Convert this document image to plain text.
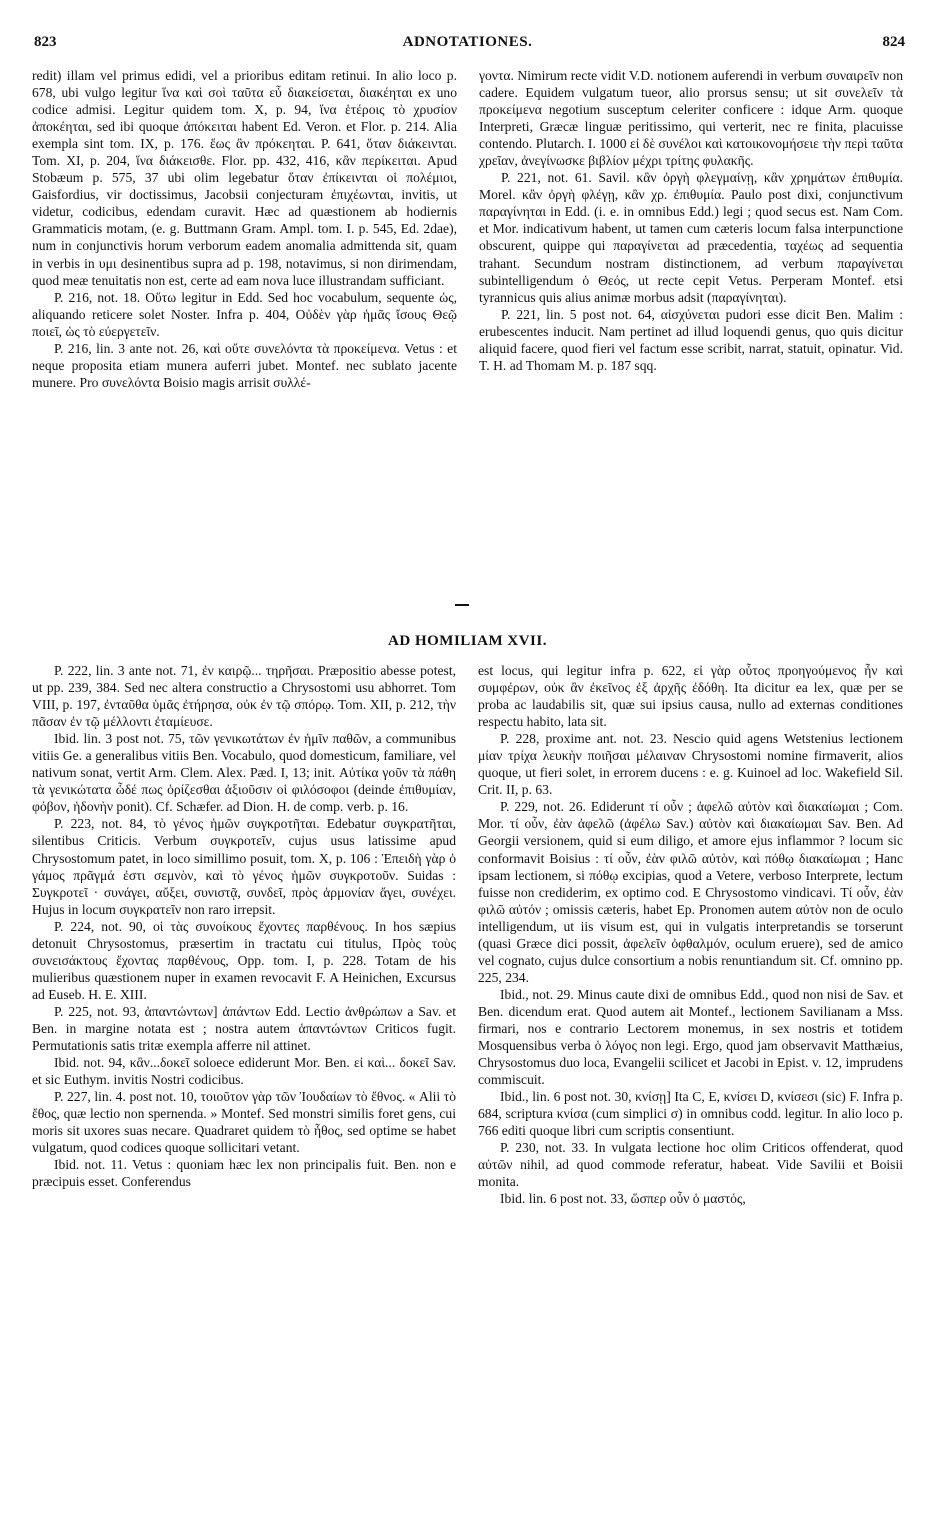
823	ADNOTATIONES.	824

redit) illam vel primus edidi, vel a prioribus editam retinui. In alio loco p. 678, ubi vulgo legitur ἵνα καὶ σοὶ ταῦτα εὖ διακείσεται, διακέηται ex uno codice admisi. Legitur quidem tom. X, p. 94, ἵνα ἑτέροις τὸ χρυσίον ἀποκέηται, sed ibi quoque ἀπόκειται habent Ed. Veron. et Flor. p. 214. Alia exempla sint tom. IX, p. 176. ἕως ἂν πρόκεηται. P. 641, ὅταν διάκεινται. Tom. XI, p. 204, ἵνα διάκεισθε. Flor. pp. 432, 416, κἂν περίκειται. Apud Stobæum p. 575, 37 ubi olim legebatur ὅταν ἐπίκεινται οἱ πολέμιοι, Gaisfordius, vir doctissimus, Jacobsii conjecturam ἐπιχέωνται, invitis, ut videtur, codicibus, edendam curavit. Hæc ad quæstionem ab hodiernis Grammaticis motam, (e. g. Buttmann Gram. Ampl. tom. I. p. 545, Ed. 2dae), num in conjunctivis horum verborum eadem anomalia admittenda sit, quam in verbis in υμι desinentibus supra ad p. 198, notavimus, si non dirimendam, quod meæ tenuitatis non est, certe ad eam nova luce illustrandam sufficiant.

P. 216, not. 18. Οὕτω legitur in Edd. Sed hoc vocabulum, sequente ὡς, aliquando reticere solet Noster. Infra p. 404, Οὐδὲν γὰρ ἡμᾶς ἴσους Θεῷ ποιεῖ, ὡς τὸ εὐεργετεῖν.

P. 216, lin. 3 ante not. 26, καὶ οὔτε συνελόντα τὰ προκείμενα. Vetus : et neque proposita etiam munera auferri jubet. Montef. nec sublato jacente munere. Pro συνελόντα Boisio magis arrisit συλλέ-

γοντα. Nimirum recte vidit V.D. notionem auferendi in verbum συναιρεῖν non cadere. Equidem vulgatum tueor, alio prorsus sensu; ut sit συνελεῖν τὰ προκείμενα negotium susceptum celeriter conficere : idque Arm. quoque Interpreti, Græcæ linguæ peritissimo, qui verterit, nec re finita, placuisse contendo. Plutarch. I. 1000 εἰ δὲ συνέλοι καὶ κατοικονομήσειε τὴν περὶ ταῦτα χρεῖαν, ἀνεγίνωσκε βιβλίον μέχρι τρίτης φυλακῆς.

P. 221, not. 61. Savil. κἂν ὀργὴ φλεγμαίνῃ, κἂν χρημάτων ἐπιθυμία. Morel. κἂν ὀργὴ φλέγῃ, κἂν χρ. ἐπιθυμία. Paulo post dixi, conjunctivum παραγίνηται in Edd. (i. e. in omnibus Edd.) legi ; quod secus est. Nam Com. et Mor. indicativum habent, ut tamen cum cæteris locum falsa interpunctione obscurent, quippe qui παραγίνεται ad præcedentia, ταχέως ad sequentia trahant. Secundum nostram distinctionem, ad verbum παραγίνεται subintelligendum ὁ Θεός, ut recte cepit Vetus. Perperam Montef. etsi tyrannicus quis alius animæ morbus adsit (παραγίνηται).

P. 221, lin. 5 post not. 64, αἰσχύνεται pudori esse dicit Ben. Malim : erubescentes inducit. Nam pertinet ad illud loquendi genus, quo quis dicitur aliquid facere, quod fieri vel factum esse scribit, narrat, statuit, opinatur. Vid. T. H. ad Thomam M. p. 187 sqq.

AD HOMILIAM XVII.

P. 222, lin. 3 ante not. 71, ἐν καιρῷ... τηρῆσαι. Præpositio abesse potest, ut pp. 239, 384. Sed nec altera constructio a Chrysostomi usu abhorret. Tom VIII, p. 197, ἐνταῦθα ὑμᾶς ἐτήρησα, οὐκ ἐν τῷ σπόρῳ. Tom. XII, p. 212, τὴν πᾶσαν ἐν τῷ μέλλοντι ἐταμίευσε.

Ibid. lin. 3 post not. 75, τῶν γενικωτάτων ἐν ἡμῖν παθῶν, a communibus vitiis Ge. a generalibus vitiis Ben. Vocabulo, quod domesticum, familiare, vel nativum sonat, vertit Arm. Clem. Alex. Pæd. I, 13; init. Αὐτίκα γοῦν τὰ πάθη τὰ γενικώτατα ὧδέ πως ὁρίζεσθαι ἀξιοῦσιν οἱ φιλόσοφοι (deinde ἐπιθυμίαν, φόβον, ἡδονὴν ponit). Cf. Schæfer. ad Dion. H. de comp. verb. p. 16.

P. 223, not. 84, τὸ γένος ἡμῶν συγκροτῆται. Edebatur συγκρατῆται, silentibus Criticis. Verbum συγκροτεῖν, cujus usus latissime apud Chrysostomum patet, in loco simillimo posuit, tom. X, p. 106 : Ἐπειδὴ γὰρ ὁ γάμος πρᾶγμά ἐστι σεμνὸν, καὶ τὸ γένος ἡμῶν συγκροτοῦν. Suidas : Συγκροτεῖ · συνάγει, αὔξει, συνιστᾷ, συνδεῖ, πρὸς ἁρμονίαν ἄγει, συνέχει. Hujus in locum συγκρατεῖν non raro irrepsit.

P. 224, not. 90, οἱ τὰς συνοίκους ἔχοντες παρθένους. In hos sæpius detonuit Chrysostomus, præsertim in tractatu cui titulus, Πρὸς τοὺς συνεισάκτους ἔχοντας παρθένους, Opp. tom. I, p. 228. Totam de his mulieribus quæstionem nuper in examen revocavit F. A Heinichen, Excursus ad Euseb. H. E. XIII.

P. 225, not. 93, ἁπαντώντων] ἀπάντων Edd. Lectio ἀνθρώπων a Sav. et Ben. in margine notata est ; nostra autem ἁπαντώντων Criticos fugit. Permutationis satis tritæ exempla afferre nil attinet.

Ibid. not. 94, κἂν...δοκεῖ soloece ediderunt Mor. Ben. εἰ καὶ... δοκεῖ Sav. et sic Euthym. invitis Nostri codicibus.

P. 227, lin. 4. post not. 10, τοιοῦτον γὰρ τῶν Ἰουδαίων τὸ ἔθνος. « Alii τὸ ἔθος, quæ lectio non spernenda. » Montef. Sed monstri similis foret gens, cui moris sit uxores suas necare. Quadraret quidem τὸ ἦθος, sed optime se habet vulgatum, quod codices quoque sollicitari vetant.

Ibid. not. 11. Vetus : quoniam hæc lex non principalis fuit. Ben. non e præcipuis esset. Conferendus

est locus, qui legitur infra p. 622, εἰ γὰρ οὗτος προηγούμενος ἦν καὶ συμφέρων, οὐκ ἂν ἐκεῖνος ἐξ ἀρχῆς ἐδόθη. Ita dicitur ea lex, quæ per se proba ac laudabilis sit, quæ sui ipsius causa, nullo ad externas conditiones respectu habito, lata sit.

P. 228, proxime ant. not. 23. Nescio quid agens Wetstenius lectionem μίαν τρίχα λευκὴν ποιῆσαι μέλαιναν Chrysostomi nomine firmaverit, alios quoque, ut fieri solet, in errorem ducens : e. g. Kuinoel ad loc. Wakefield Sil. Crit. II, p. 63.

P. 229, not. 26. Ediderunt τί οὖν ; ἀφελῶ αὐτὸν καὶ διακαίωμαι ; Com. Mor. τί οὖν, ἐὰν ἀφελῶ (ἀφέλω Sav.) αὐτὸν καὶ διακαίωμαι Sav. Ben. Ad Georgii versionem, quid si eum diligo, et amore ejus inflammor ? locum sic conformavit Boisius : τί οὖν, ἐὰν φιλῶ αὐτὸν, καὶ πόθῳ διακαίωμαι ; Hanc ipsam lectionem, si πόθῳ excipias, quod a Vetere, verboso Interprete, lectum fuisse non crediderim, ex optimo cod. E Chrysostomo vindicavi. Τί οὖν, ἐὰν φιλῶ αὐτόν ; omissis cæteris, habet Ep. Pronomen autem αὐτὸν non de oculo intelligendum, ut iis visum est, qui in vulgatis interpretandis se torserunt (quasi Græce dici possit, ἀφελεῖν ὀφθαλμόν, oculum eruere), sed de amico vel cognato, cujus dulce consortium a nobis renuntiandum sit. Cf. omnino pp. 225, 234.

Ibid., not. 29. Minus caute dixi de omnibus Edd., quod non nisi de Sav. et Ben. dicendum erat. Quod autem ait Montef., lectionem Savilianam a Mss. firmari, nos e contrario Lectorem monemus, in sex nostris et totidem Mosquensibus verba ὁ λόγος non legi. Ergo, quod jam observavit Matthæius, Chrysostomus duo loca, Evangelii scilicet et Jacobi in Epist. v. 12, imprudens commiscuit.

Ibid., lin. 6 post not. 30, κνίσῃ] Ita C, E, κνίσει D, κνίσεσι (sic) F. Infra p. 684, scriptura κνίσα (cum simplici σ) in omnibus codd. legitur. In alio loco p. 766 editi quoque libri cum scriptis consentiunt.

P. 230, not. 33. In vulgata lectione hoc olim Criticos offenderat, quod αὐτῶν nihil, ad quod commode referatur, habeat. Vide Savilii et Boisii monita.

Ibid. lin. 6 post not. 33, ὥσπερ οὖν ὁ μαστός,
